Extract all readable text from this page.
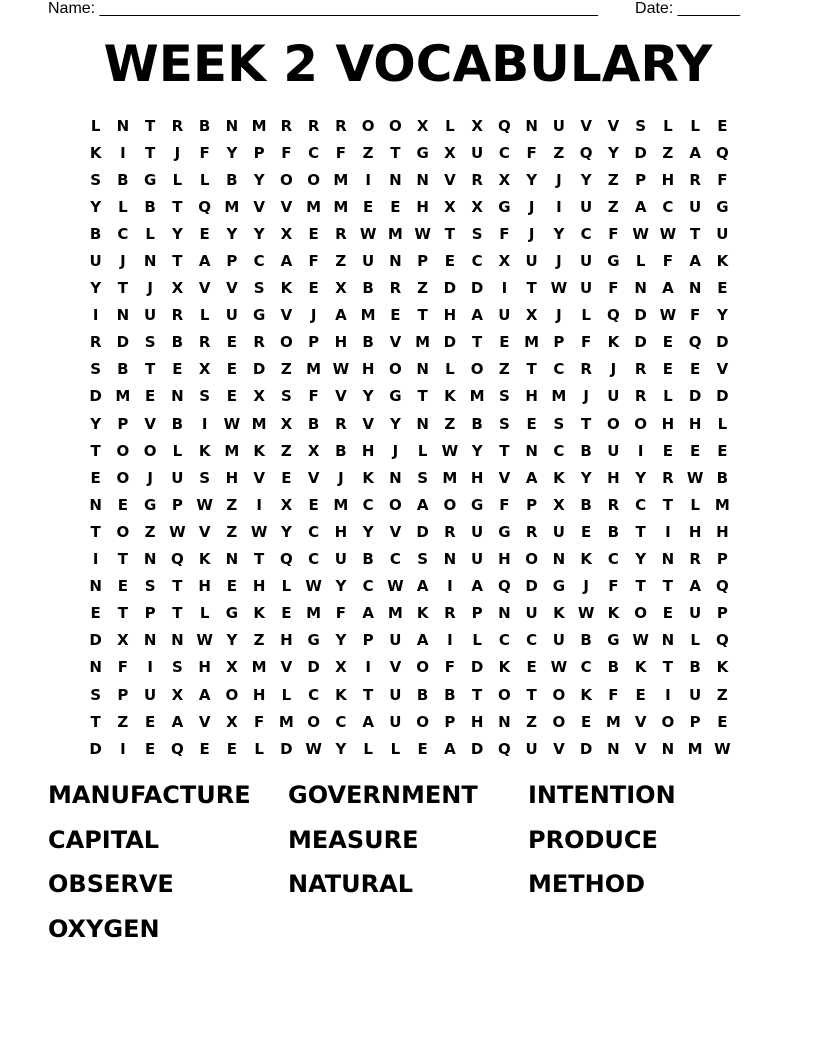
Name: ________________________________________________________ Date: _______
WEEK 2 VOCABULARY
L	N	T	R	B	N M R	R	R	O O	X	L	X	Q N U	V	V	S	L	L	E
K	I	T	J	F	Y	P	F	C	F	Z	T	G	X	U	C	F	Z	Q	Y	D	Z	A	Q
S	B	G	L	L	B	Y	O O M	I	N N	V	R	X	Y	J	Y	Z	P	H	R	F
Y	L	B	T	Q M V	V M M E	E	H	X	X	G	J	I	U	Z	A	C	U	G
B	C	L	Y	E	Y	Y	X	E	R W M W T	S	F	J	Y	C	F W W T	U
U	J	N	T	A	P	C	A	F	Z	U N	P	E	C	X	U	J	U	G	L	F	A	K
Y	T	J	X	V	V	S	K	E	X	B	R	Z	D D	I	T W U	F	N	A	N	E
I	N U	R	L	U	G	V	J	A M E	T	H	A	U	X	J	L	Q D W F	Y
R	D	S	B	R	E	R	O	P	H	B	V M D	T	E M P	F	K	D	E	Q D
S	B	T	E	X	E	D	Z M W H O N	L	O	Z	T	C	R	J	R	E	E	V
D M E	N	S	E	X	S	F	V	Y	G	T	K M S	H M	J	U	R	L	D D
Y	P	V	B	I	W M X	B	R	V	Y	N	Z	B	S	E	S	T	O O H H	L
T	O O	L	K M K	Z	X	B	H	J	L W Y	T	N	C	B	U	I	E	E	E
E	O	J	U	S	H	V	E	V	J	K	N	S M H	V	A	K	Y	H	Y	R W B
N	E	G	P W Z	I	X	E M C	O	A	O G	F	P	X	B	R	C	T	L	M
T	O	Z W V	Z W Y	C	H	Y	V	D	R	U	G	R	U	E	B	T	I	H H
I	T	N Q	K	N	T	Q	C	U	B	C	S	N U H O N	K	C	Y	N	R	P
N	E	S	T	H	E	H	L W Y	C W A	I	A	Q D G	J	F	T	T	A	Q
E	T	P	T	L	G	K	E M F	A M K	R	P	N U	K W K	O	E	U	P
D	X	N N W Y	Z	H G	Y	P	U	A	I	L	C	C	U	B	G W N	L	Q
N	F	I	S	H	X M V	D	X	I	V	O	F	D	K	E W C	B	K	T	B	K
S	P	U	X	A	O H	L	C	K	T	U	B	B	T	O	T	O	K	F	E	I	U	Z
T	Z	E	A	V	X	F M O	C	A	U O	P	H N	Z	O	E M V	O	P	E
D	I	E	Q	E	E	L	D W Y	L	L	E	A	D Q U	V	D N	V	N M W
MANUFACTURE	GOVERNMENT	INTENTION
CAPITAL	MEASURE	PRODUCE
OBSERVE	NATURAL	METHOD
OXYGEN
